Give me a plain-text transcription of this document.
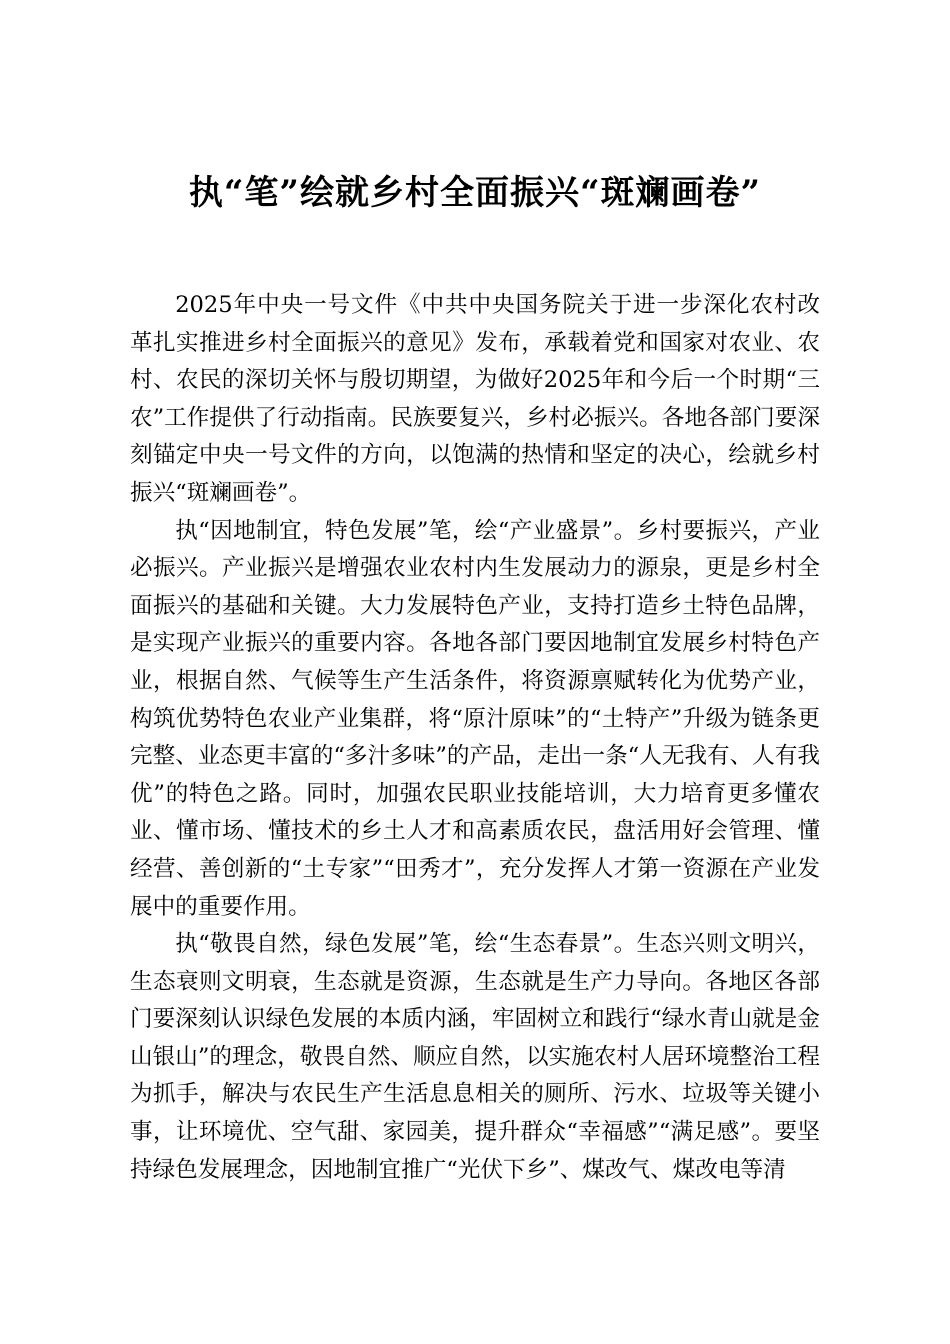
执“笔”绘就乡村全面振兴“斑斓画卷”

2025年中央一号文件《中共中央国务院关于进一步深化农村改革扎实推进乡村全面振兴的意见》发布，承载着党和国家对农业、农村、农民的深切关怀与殷切期望，为做好2025年和今后一个时期“三农”工作提供了行动指南。民族要复兴，乡村必振兴。各地各部门要深刻锚定中央一号文件的方向，以饱满的热情和坚定的决心，绘就乡村振兴“斑斓画卷”。

执“因地制宜，特色发展”笔，绘“产业盛景”。乡村要振兴，产业必振兴。产业振兴是增强农业农村内生发展动力的源泉，更是乡村全面振兴的基础和关键。大力发展特色产业，支持打造乡土特色品牌，是实现产业振兴的重要内容。各地各部门要因地制宜发展乡村特色产业，根据自然、气候等生产生活条件，将资源禀赋转化为优势产业，构筑优势特色农业产业集群，将“原汁原味”的“土特产”升级为链条更完整、业态更丰富的“多汁多味”的产品，走出一条“人无我有、人有我优”的特色之路。同时，加强农民职业技能培训，大力培育更多懂农业、懂市场、懂技术的乡土人才和高素质农民，盘活用好会管理、懂经营、善创新的“土专家”“田秀才”，充分发挥人才第一资源在产业发展中的重要作用。

执“敬畏自然，绿色发展”笔，绘“生态春景”。生态兴则文明兴，生态衰则文明衰，生态就是资源，生态就是生产力导向。各地区各部门要深刻认识绿色发展的本质内涵，牢固树立和践行“绿水青山就是金山银山”的理念，敬畏自然、顺应自然，以实施农村人居环境整治工程为抓手，解决与农民生产生活息息相关的厕所、污水、垃圾等关键小事，让环境优、空气甜、家园美，提升群众“幸福感”“满足感”。要坚持绿色发展理念，因地制宜推广“光伏下乡”、煤改气、煤改电等清
